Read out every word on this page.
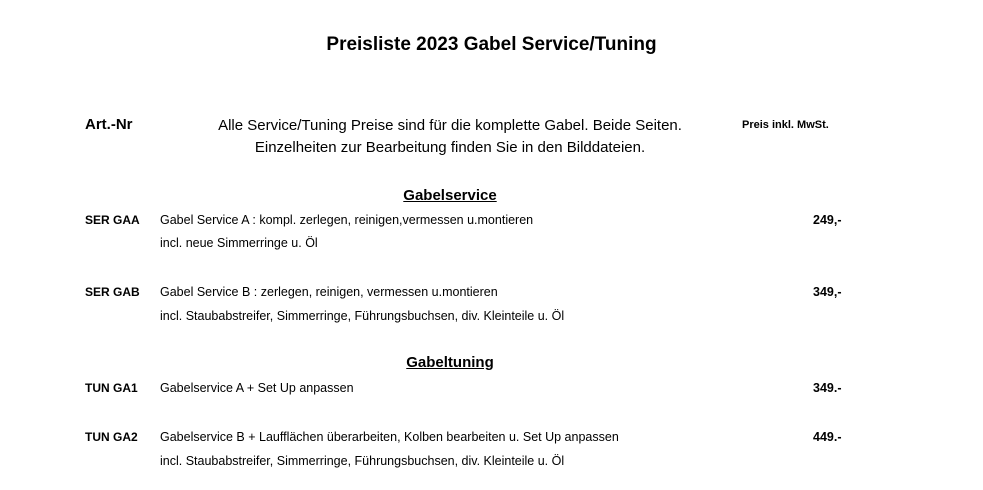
Preisliste 2023 Gabel Service/Tuning
Art.-Nr	Alle Service/Tuning Preise sind für die komplette Gabel. Beide Seiten.
Einzelheiten zur Bearbeitung finden Sie in den Bilddateien.
Preis inkl. MwSt.
Gabelservice
SER GAA Gabel Service A : kompl. zerlegen, reinigen,vermessen u.montieren
incl. neue Simmerringe u. Öl
249,-
SER GAB Gabel Service B : zerlegen, reinigen, vermessen u.montieren
incl. Staubabstreifer, Simmerringe, Führungsbuchsen, div. Kleinteile u. Öl
349,-
Gabeltuning
TUN GA1 Gabelservice A + Set Up anpassen	349.-
TUN GA2 Gabelservice B + Laufflächen überarbeiten, Kolben bearbeiten u. Set Up anpassen
incl. Staubabstreifer, Simmerringe, Führungsbuchsen, div. Kleinteile u. Öl
449.-
